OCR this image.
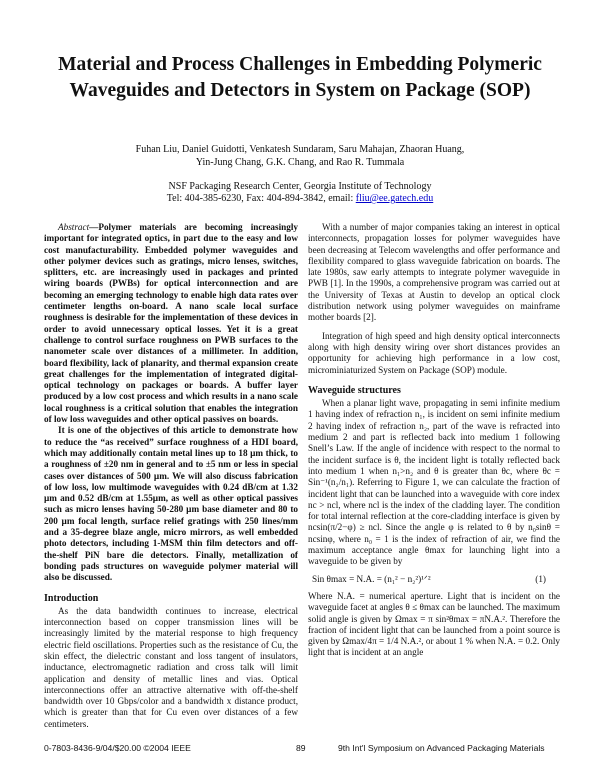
Material and Process Challenges in Embedding Polymeric Waveguides and Detectors in System on Package (SOP)
Fuhan Liu, Daniel Guidotti, Venkatesh Sundaram, Saru Mahajan, Zhaoran Huang,
Yin-Jung Chang, G.K. Chang, and Rao R. Tummala
NSF Packaging Research Center, Georgia Institute of Technology
Tel: 404-385-6230, Fax: 404-894-3842, email: fliu@ee.gatech.edu

Abstract—Polymer materials are becoming increasingly important for integrated optics, in part due to the easy and low cost manufacturability. Embedded polymer waveguides and other polymer devices such as gratings, micro lenses, switches, splitters, etc. are increasingly used in packages and printed wiring boards (PWBs) for optical interconnection and are becoming an emerging technology to enable high data rates over centimeter lengths on-board. A nano scale local surface roughness is desirable for the implementation of these devices in order to avoid unnecessary optical losses. Yet it is a great challenge to control surface roughness on PWB surfaces to the nanometer scale over distances of a millimeter. In addition, board flexibility, lack of planarity, and thermal expansion create great challenges for the implementation of integrated digital-optical technology on packages or boards. A buffer layer produced by a low cost process and which results in a nano scale local roughness is a critical solution that enables the integration of low loss waveguides and other optical passives on boards.

It is one of the objectives of this article to demonstrate how to reduce the “as received” surface roughness of a HDI board, which may additionally contain metal lines up to 18 µm thick, to a roughness of ±20 nm in general and to ±5 nm or less in special cases over distances of 500 µm. We will also discuss fabrication of low loss, low multimode waveguides with 0.24 dB/cm at 1.32 µm and 0.52 dB/cm at 1.55µm, as well as other optical passives such as micro lenses having 50-280 µm base diameter and 80 to 200 µm focal length, surface relief gratings with 250 lines/mm and a 35-degree blaze angle, micro mirrors, as well embedded photo detectors, including 1-MSM thin film detectors and off-the-shelf PiN bare die detectors. Finally, metallization of bonding pads structures on waveguide polymer material will also be discussed.

Introduction

As the data bandwidth continues to increase, electrical interconnection based on copper transmission lines will be increasingly limited by the material response to high frequency electric field oscillations. Properties such as the resistance of Cu, the skin effect, the dielectric constant and loss tangent of insulators, inductance, electromagnetic radiation and cross talk will limit application and density of metallic lines and vias. Optical interconnections offer an attractive alternative with off-the-shelf bandwidth over 10 Gbps/color and a bandwidth x distance product, which is greater than that for Cu even over distances of a few centimeters.

With a number of major companies taking an interest in optical interconnects, propagation losses for polymer waveguides have been decreasing at Telecom wavelengths and offer performance and flexibility compared to glass waveguide fabrication on boards. The late 1980s, saw early attempts to integrate polymer waveguide in PWB [1]. In the 1990s, a comprehensive program was carried out at the University of Texas at Austin to develop an optical clock distribution network using polymer waveguides on mainframe mother boards [2].

Integration of high speed and high density optical interconnects along with high density wiring over short distances provides an opportunity for achieving high performance in a low cost, microminiaturized System on Package (SOP) module.

Waveguide structures

When a planar light wave, propagating in semi infinite medium 1 having index of refraction n₁, is incident on semi infinite medium 2 having index of refraction n₂, part of the wave is refracted into medium 2 and part is reflected back into medium 1 following Snell’s Law. If the angle of incidence with respect to the normal to the incident surface is θ, the incident light is totally reflected back into medium 1 when n₁>n₂ and θ is greater than θc, where θc = Sin⁻¹(n₂/n₁). Referring to Figure 1, we can calculate the fraction of incident light that can be launched into a waveguide with core index nc > ncl, where ncl is the index of the cladding layer. The condition for total internal reflection at the core-cladding interface is given by ncsin(π/2−φ) ≥ ncl. Since the angle φ is related to θ by n₀sinθ = ncsinφ, where n₀ = 1 is the index of refraction of air, we find the maximum acceptance angle θmax for launching light into a waveguide to be given by

Sin θmax = N.A. = (n₁² − n₂²)¹ᐟ²	(1)

Where N.A. = numerical aperture. Light that is incident on the waveguide facet at angles θ ≤ θmax can be launched. The maximum solid angle is given by Ωmax = π sin²θmax = πN.A.². Therefore the fraction of incident light that can be launched from a point source is given by Ωmax/4π = 1/4 N.A.², or about 1 % when N.A. = 0.2. Only light that is incident at an angle

0-7803-8436-9/04/$20.00 ©2004 IEEE	89	9th Int'l Symposium on Advanced Packaging Materials
